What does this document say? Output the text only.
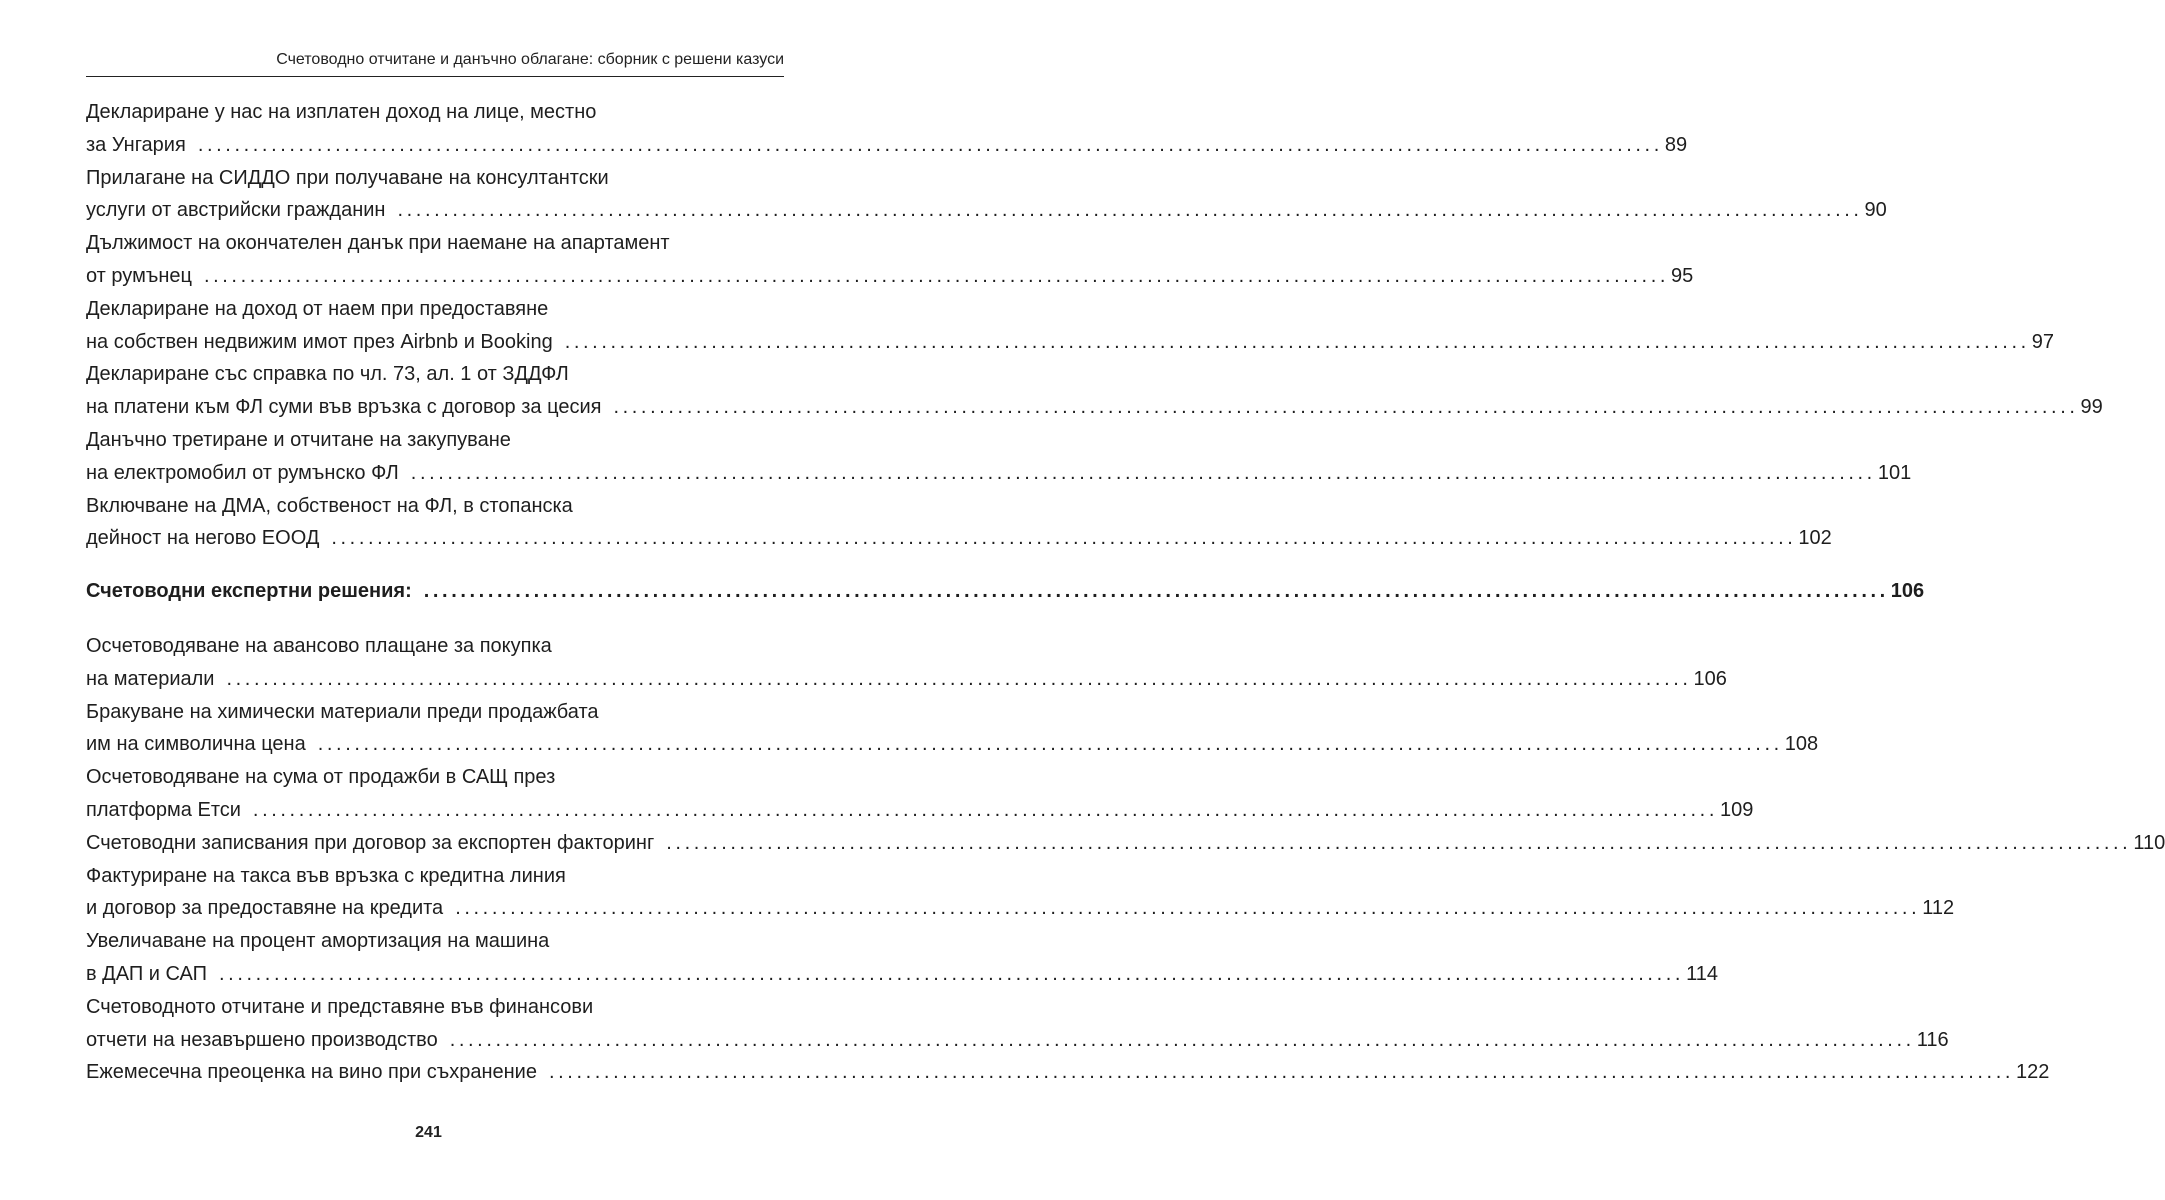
Счетоводно отчитане и данъчно облагане: сборник с решени казуси
Деклариране у нас на изплатен доход на лице, местно
за Унгария ................................................................................................................................................................ 89
Прилагане на СИДДО при получаване на консултантски
услуги от австрийски гражданин ................................................................................................................................................................ 90
Дължимост на окончателен данък при наемане на апартамент
от румънец ................................................................................................................................................................ 95
Деклариране на доход от наем при предоставяне
на собствен недвижим имот през Airbnb и Booking ................................................................................................................................................................ 97
Деклариране със справка по чл. 73, ал. 1 от ЗДДФЛ
на платени към ФЛ суми във връзка с договор за цесия ................................................................................................................................................................ 99
Данъчно третиране и отчитане на закупуване
на електромобил от румънско ФЛ ................................................................................................................................................................ 101
Включване на ДМА, собственост на ФЛ, в стопанска
дейност на негово ЕООД ................................................................................................................................................................ 102
Счетоводни експертни решения: ................................................................................................................................................................ 106
Осчетоводяване на авансово плащане за покупка
на материали ................................................................................................................................................................ 106
Бракуване на химически материали преди продажбата
им на символична цена ................................................................................................................................................................ 108
Осчетоводяване на сума от продажби в САЩ през
платформа Етси ................................................................................................................................................................ 109
Счетоводни записвания при договор за експортен факторинг ................................................................................................................................................................ 110
Фактуриране на такса във връзка с кредитна линия
и договор за предоставяне на кредита ................................................................................................................................................................ 112
Увеличаване на процент амортизация на машина
в ДАП и САП ................................................................................................................................................................ 114
Счетоводното отчитане и представяне във финансови
отчети на незавършено производство ................................................................................................................................................................ 116
Ежемесечна преоценка на вино при съхранение ................................................................................................................................................................ 122
241
